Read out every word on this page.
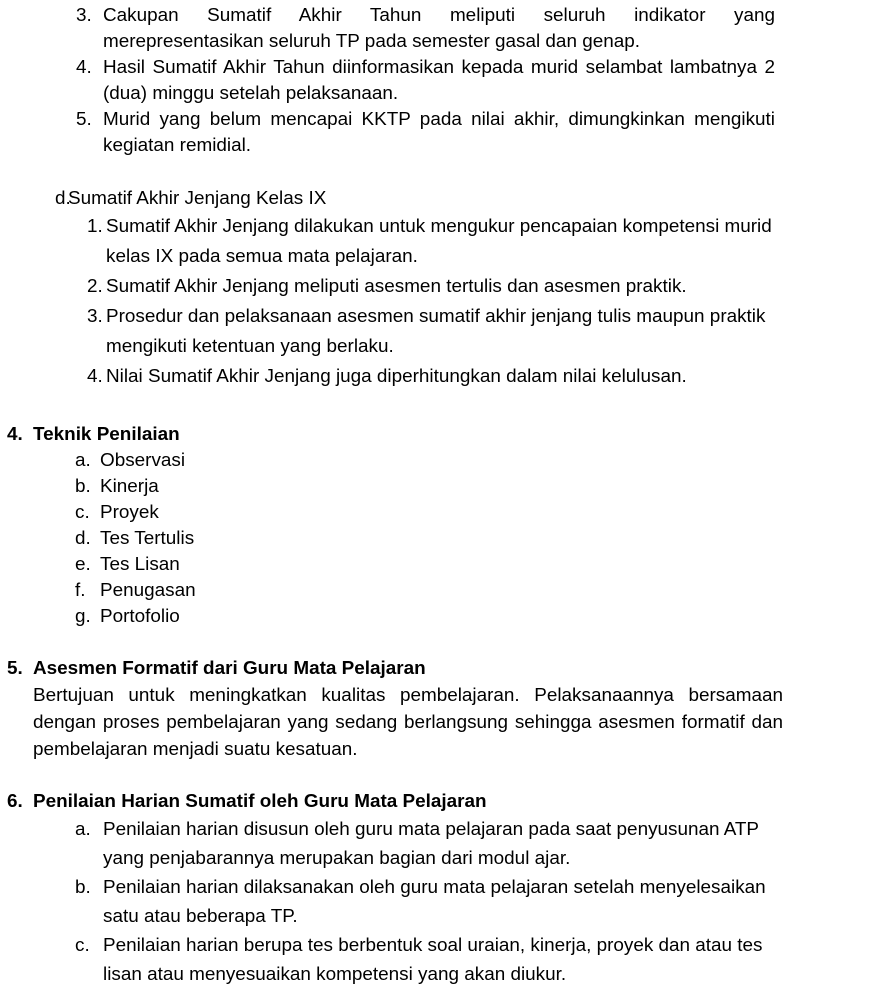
3. Cakupan Sumatif Akhir Tahun meliputi seluruh indikator yang merepresentasikan seluruh TP pada semester gasal dan genap.
4. Hasil Sumatif Akhir Tahun diinformasikan kepada murid selambat lambatnya 2 (dua) minggu setelah pelaksanaan.
5. Murid yang belum mencapai KKTP pada nilai akhir, dimungkinkan mengikuti kegiatan remidial.
d.
Sumatif Akhir Jenjang Kelas IX
1. Sumatif Akhir Jenjang dilakukan untuk mengukur pencapaian kompetensi murid kelas IX pada semua mata pelajaran.
2. Sumatif Akhir Jenjang meliputi asesmen tertulis dan asesmen praktik.
3. Prosedur dan pelaksanaan asesmen sumatif akhir jenjang tulis maupun praktik mengikuti ketentuan yang berlaku.
4. Nilai Sumatif Akhir Jenjang juga diperhitungkan dalam nilai kelulusan.
4. Teknik Penilaian
a. Observasi
b. Kinerja
c. Proyek
d. Tes Tertulis
e. Tes Lisan
f. Penugasan
g. Portofolio
5. Asesmen Formatif dari Guru Mata Pelajaran
Bertujuan untuk meningkatkan kualitas pembelajaran. Pelaksanaannya bersamaan dengan proses pembelajaran yang sedang berlangsung sehingga asesmen formatif dan pembelajaran menjadi suatu kesatuan.
6. Penilaian Harian Sumatif oleh Guru Mata Pelajaran
a. Penilaian harian disusun oleh guru mata pelajaran pada saat penyusunan ATP yang penjabarannya merupakan bagian dari modul ajar.
b. Penilaian harian dilaksanakan oleh guru mata pelajaran setelah menyelesaikan satu atau beberapa TP.
c. Penilaian harian berupa tes berbentuk soal uraian, kinerja, proyek dan atau tes lisan atau menyesuaikan kompetensi yang akan diukur.
